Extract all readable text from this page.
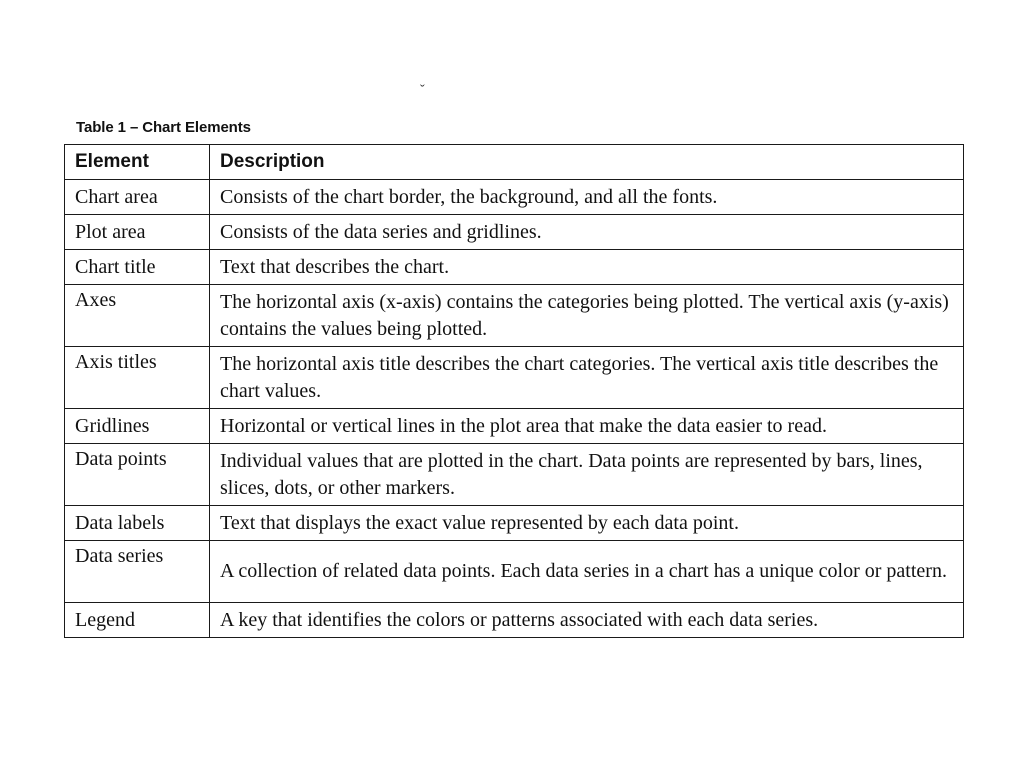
ˇ
Table 1 – Chart Elements
Element	Description
Chart area	Consists of the chart border, the background, and all the fonts.
Plot area	Consists of the data series and gridlines.
Chart title	Text that describes the chart.
Axes	The horizontal axis (x-axis) contains the categories being plotted. The vertical axis (y-axis) contains the values being plotted.
Axis titles	The horizontal axis title describes the chart categories. The vertical axis title describes the chart values.
Gridlines	Horizontal or vertical lines in the plot area that make the data easier to read.
Data points	Individual values that are plotted in the chart. Data points are represented by bars, lines, slices, dots, or other markers.
Data labels	Text that displays the exact value represented by each data point.
Data series	A collection of related data points. Each data series in a chart has a unique color or pattern.
Legend	A key that identifies the colors or patterns associated with each data series.
